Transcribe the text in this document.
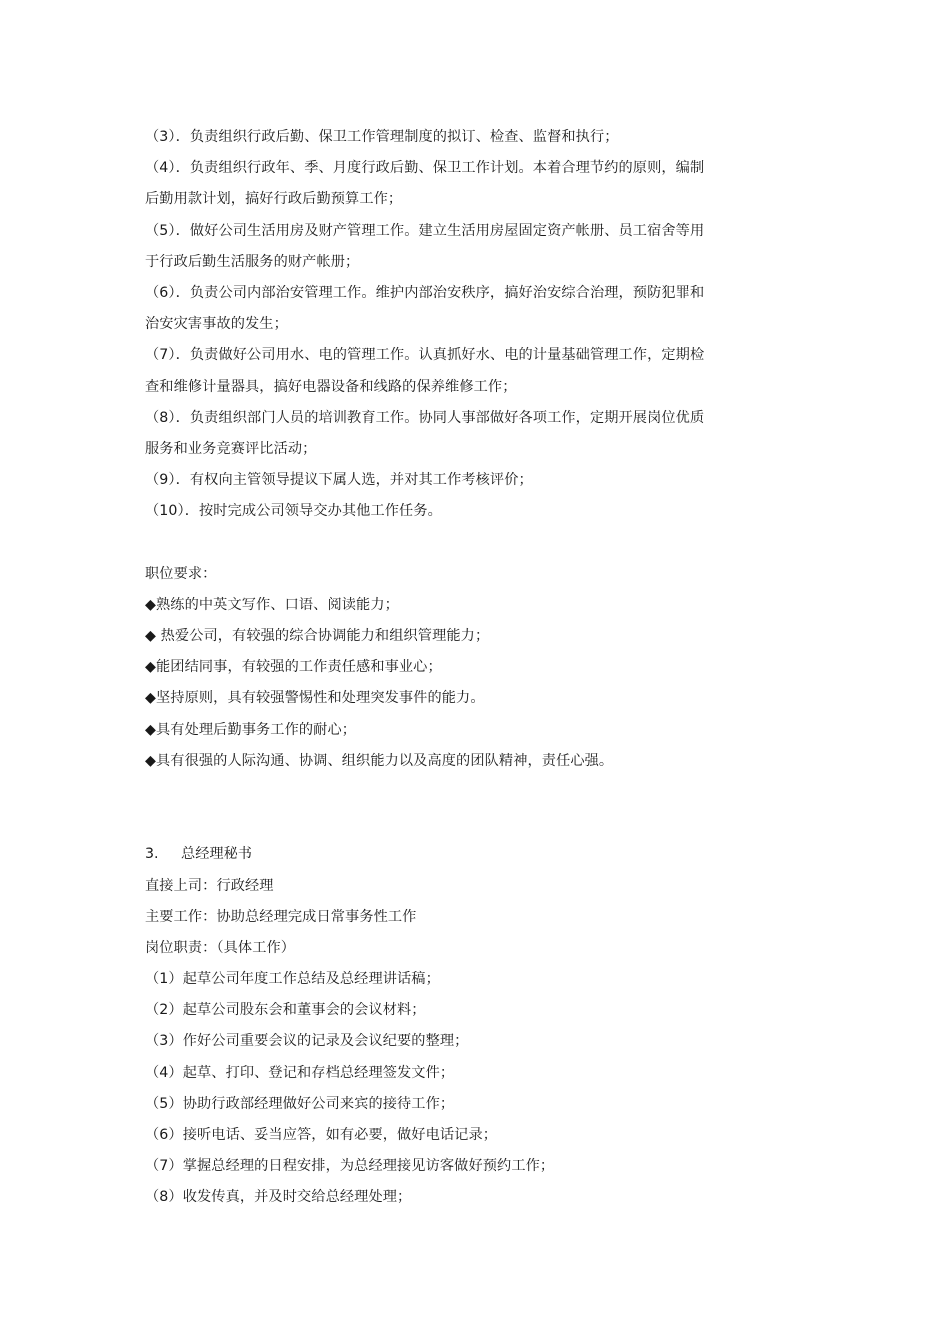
（3）．负责组织行政后勤、保卫工作管理制度的拟订、检查、监督和执行；
（4）．负责组织行政年、季、月度行政后勤、保卫工作计划。本着合理节约的原则，编制
后勤用款计划，搞好行政后勤预算工作；
（5）．做好公司生活用房及财产管理工作。建立生活用房屋固定资产帐册、员工宿舍等用
于行政后勤生活服务的财产帐册；
（6）．负责公司内部治安管理工作。维护内部治安秩序，搞好治安综合治理，预防犯罪和
治安灾害事故的发生；
（7）．负责做好公司用水、电的管理工作。认真抓好水、电的计量基础管理工作，定期检
查和维修计量器具，搞好电器设备和线路的保养维修工作；
（8）．负责组织部门人员的培训教育工作。协同人事部做好各项工作，定期开展岗位优质
服务和业务竞赛评比活动；
（9）．有权向主管领导提议下属人选，并对其工作考核评价；
（10）．按时完成公司领导交办其他工作任务。
职位要求：
◆熟练的中英文写作、口语、阅读能力；
◆ 热爱公司，有较强的综合协调能力和组织管理能力；
◆能团结同事，有较强的工作责任感和事业心；
◆坚持原则，具有较强警惕性和处理突发事件的能力。
◆具有处理后勤事务工作的耐心；
◆具有很强的人际沟通、协调、组织能力以及高度的团队精神，责任心强。
3. 总经理秘书
直接上司：行政经理
主要工作：协助总经理完成日常事务性工作
岗位职责：（具体工作）
（1）起草公司年度工作总结及总经理讲话稿；
（2）起草公司股东会和董事会的会议材料；
（3）作好公司重要会议的记录及会议纪要的整理；
（4）起草、打印、登记和存档总经理签发文件；
（5）协助行政部经理做好公司来宾的接待工作；
（6）接听电话、妥当应答，如有必要，做好电话记录；
（7）掌握总经理的日程安排，为总经理接见访客做好预约工作；
（8）收发传真，并及时交给总经理处理；
